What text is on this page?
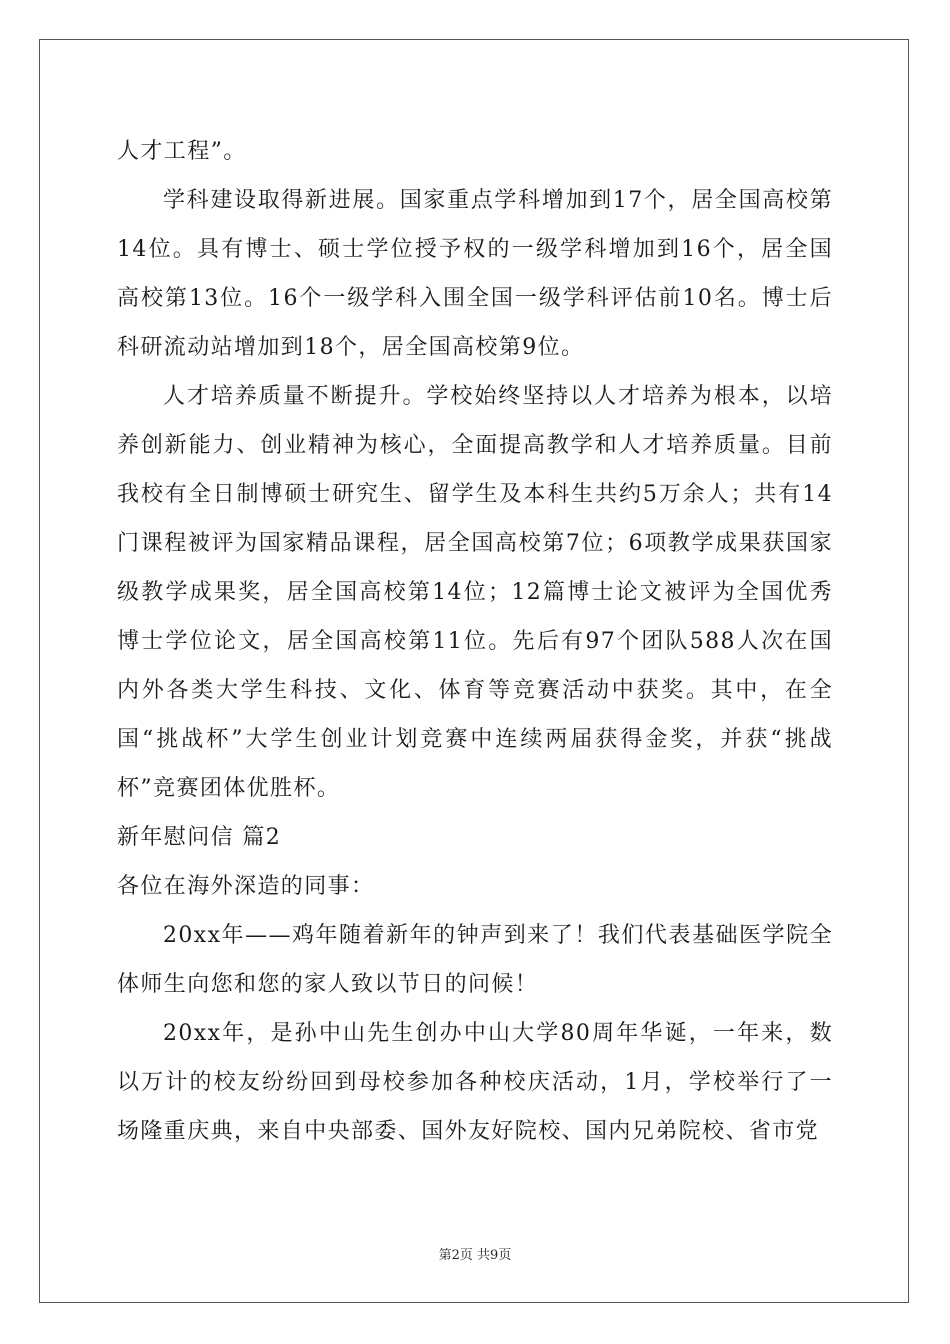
人才工程”。

学科建设取得新进展。国家重点学科增加到17个，居全国高校第14位。具有博士、硕士学位授予权的一级学科增加到16个，居全国高校第13位。16个一级学科入围全国一级学科评估前10名。博士后科研流动站增加到18个，居全国高校第9位。

人才培养质量不断提升。学校始终坚持以人才培养为根本，以培养创新能力、创业精神为核心，全面提高教学和人才培养质量。目前我校有全日制博硕士研究生、留学生及本科生共约5万余人；共有14门课程被评为国家精品课程，居全国高校第7位；6项教学成果获国家级教学成果奖，居全国高校第14位；12篇博士论文被评为全国优秀博士学位论文，居全国高校第11位。先后有97个团队588人次在国内外各类大学生科技、文化、体育等竞赛活动中获奖。其中，在全国“挑战杯”大学生创业计划竞赛中连续两届获得金奖，并获“挑战杯”竞赛团体优胜杯。

新年慰问信 篇2

各位在海外深造的同事：

20xx年——鸡年随着新年的钟声到来了！我们代表基础医学院全体师生向您和您的家人致以节日的问候！

20xx年，是孙中山先生创办中山大学80周年华诞，一年来，数以万计的校友纷纷回到母校参加各种校庆活动，1月，学校举行了一场隆重庆典，来自中央部委、国外友好院校、国内兄弟院校、省市党

第2页 共9页
